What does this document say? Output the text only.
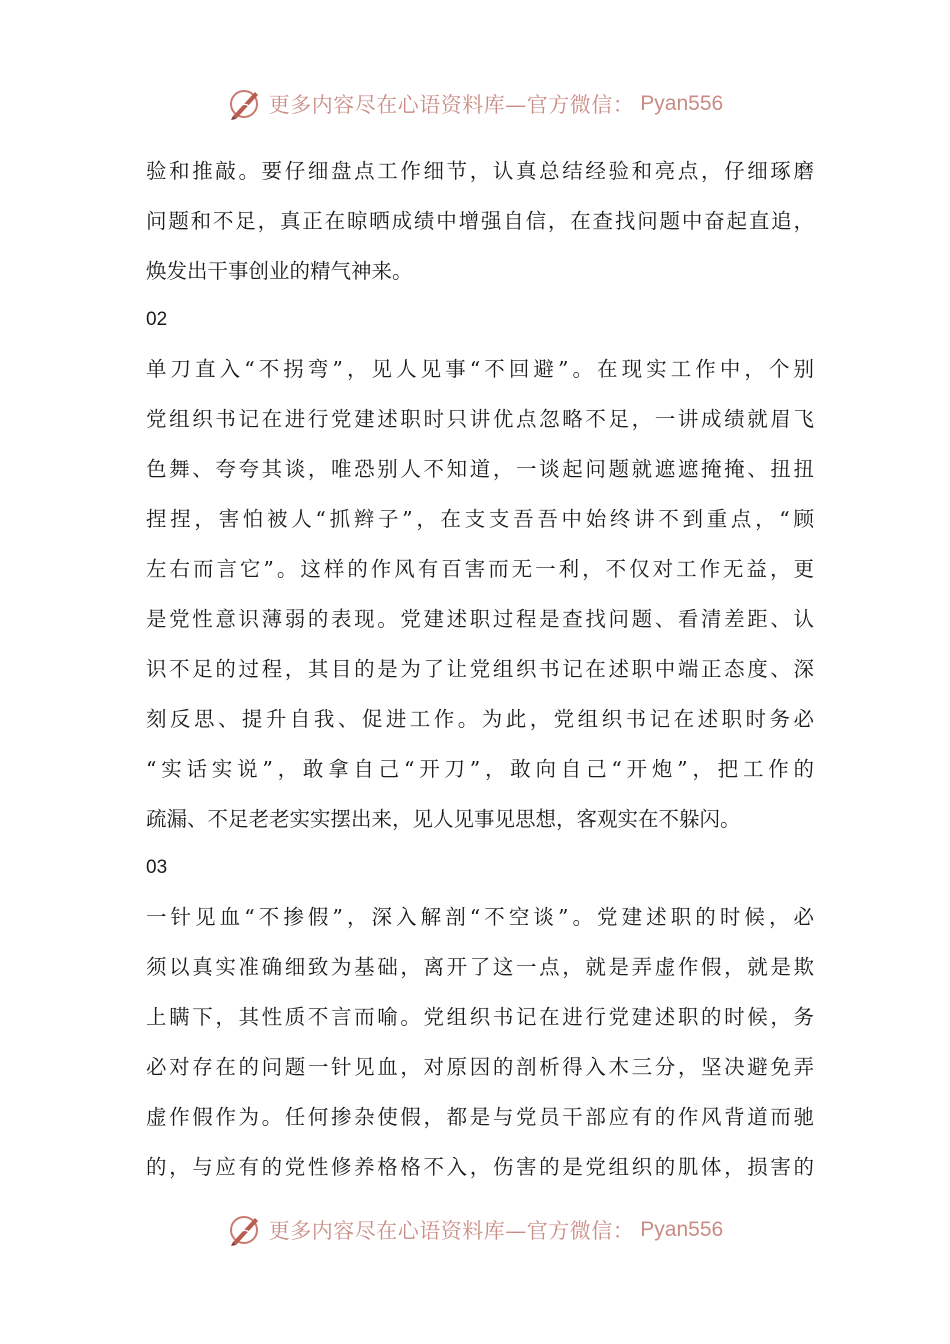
更多内容尽在心语资料库—官方微信： Pyan556
验和推敲。要仔细盘点工作细节，认真总结经验和亮点，仔细琢磨
问题和不足，真正在晾晒成绩中增强自信，在查找问题中奋起直追，
焕发出干事创业的精气神来。
02
单刀直入“不拐弯”，见人见事“不回避”。在现实工作中，个别
党组织书记在进行党建述职时只讲优点忽略不足，一讲成绩就眉飞
色舞、夸夸其谈，唯恐别人不知道，一谈起问题就遮遮掩掩、扭扭
捏捏，害怕被人“抓辫子”，在支支吾吾中始终讲不到重点，“顾
左右而言它”。这样的作风有百害而无一利，不仅对工作无益，更
是党性意识薄弱的表现。党建述职过程是查找问题、看清差距、认
识不足的过程，其目的是为了让党组织书记在述职中端正态度、深
刻反思、提升自我、促进工作。为此，党组织书记在述职时务必
“实话实说”，敢拿自己“开刀”，敢向自己“开炮”，把工作的
疏漏、不足老老实实摆出来，见人见事见思想，客观实在不躲闪。
03
一针见血“不掺假”，深入解剖“不空谈”。党建述职的时候，必
须以真实准确细致为基础，离开了这一点，就是弄虚作假，就是欺
上瞒下，其性质不言而喻。党组织书记在进行党建述职的时候，务
必对存在的问题一针见血，对原因的剖析得入木三分，坚决避免弄
虚作假作为。任何掺杂使假，都是与党员干部应有的作风背道而驰
的，与应有的党性修养格格不入，伤害的是党组织的肌体，损害的
更多内容尽在心语资料库—官方微信： Pyan556
